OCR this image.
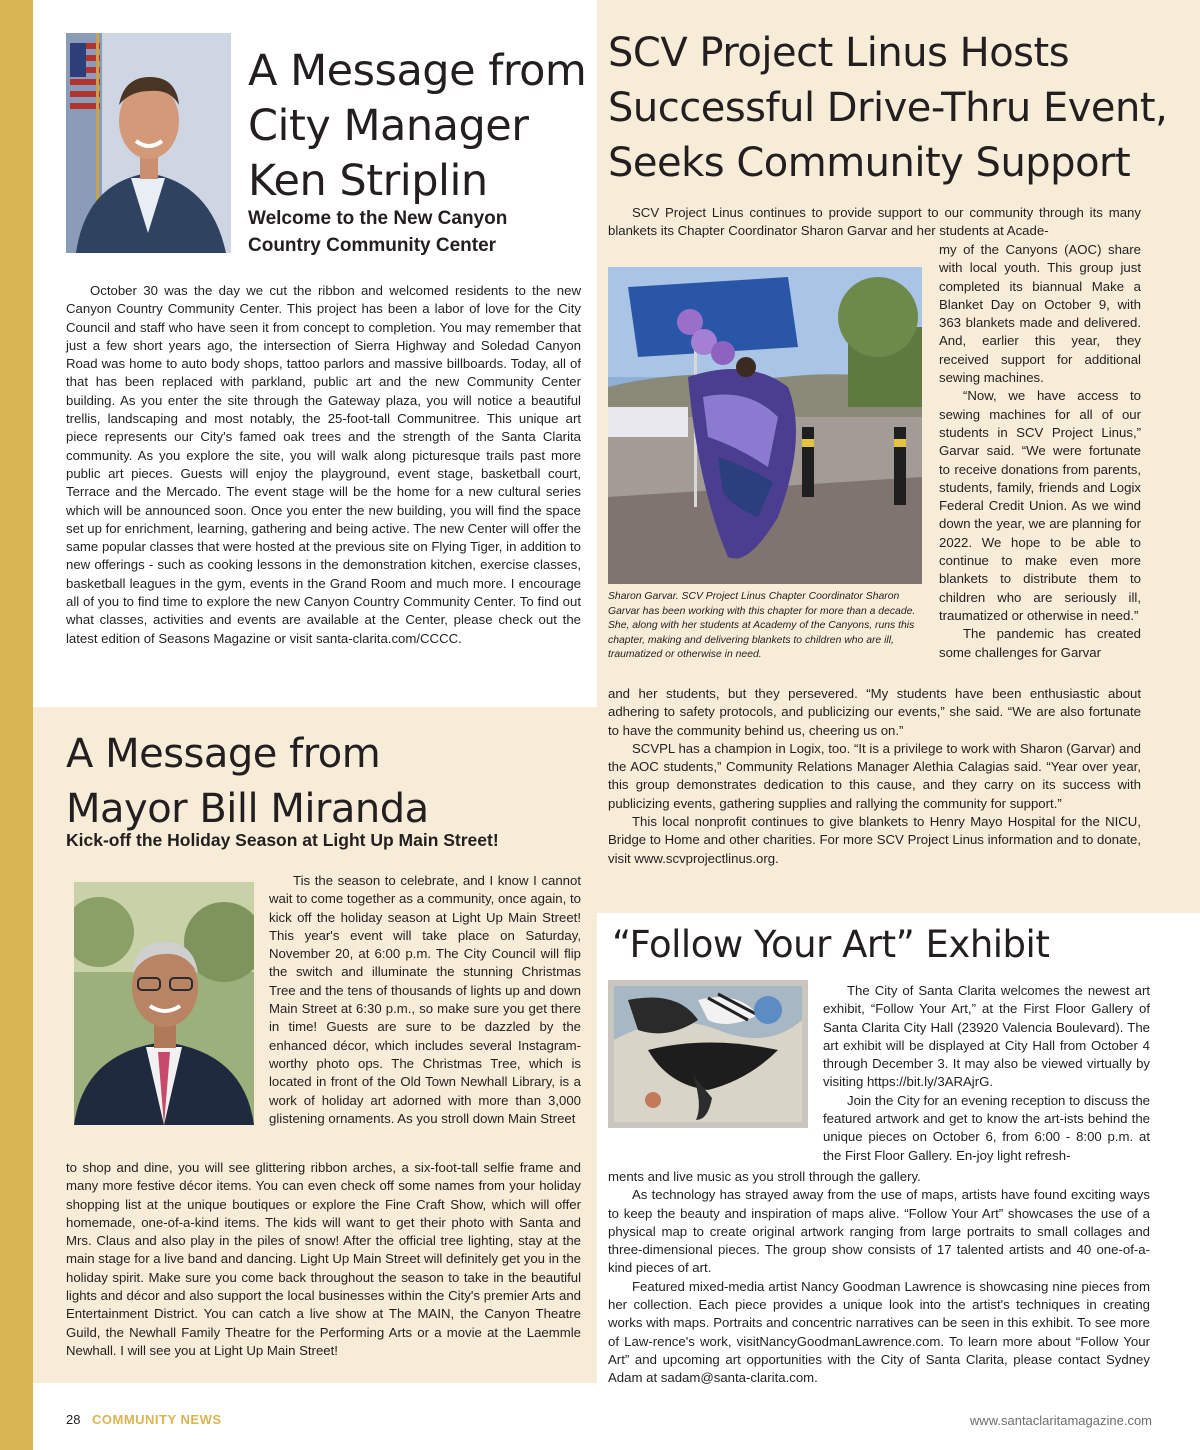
A Message from
City Manager
Ken Striplin
Welcome to the New Canyon
Country Community Center

October 30 was the day we cut the ribbon and welcomed residents to the new Canyon Country Community Center. This project has been a labor of love for the City Council and staff who have seen it from concept to completion. You may remember that just a few short years ago, the intersection of Sierra Highway and Soledad Canyon Road was home to auto body shops, tattoo parlors and massive billboards. Today, all of that has been replaced with parkland, public art and the new Community Center building. As you enter the site through the Gateway plaza, you will notice a beautiful trellis, landscaping and most notably, the 25-foot-tall Communitree. This unique art piece represents our City's famed oak trees and the strength of the Santa Clarita community. As you explore the site, you will walk along picturesque trails past more public art pieces. Guests will enjoy the playground, event stage, basketball court, Terrace and the Mercado. The event stage will be the home for a new cultural series which will be announced soon. Once you enter the new building, you will find the space set up for enrichment, learning, gathering and being active. The new Center will offer the same popular classes that were hosted at the previous site on Flying Tiger, in addition to new offerings - such as cooking lessons in the demonstration kitchen, exercise classes, basketball leagues in the gym, events in the Grand Room and much more. I encourage all of you to find time to explore the new Canyon Country Community Center. To find out what classes, activities and events are available at the Center, please check out the latest edition of Seasons Magazine or visit santa-clarita.com/CCCC.

A Message from
Mayor Bill Miranda
Kick-off the Holiday Season at Light Up Main Street!

Tis the season to celebrate, and I know I cannot wait to come together as a community, once again, to kick off the holiday season at Light Up Main Street! This year's event will take place on Saturday, November 20, at 6:00 p.m. The City Council will flip the switch and illuminate the stunning Christmas Tree and the tens of thousands of lights up and down Main Street at 6:30 p.m., so make sure you get there in time! Guests are sure to be dazzled by the enhanced décor, which includes several Instagram-worthy photo ops. The Christmas Tree, which is located in front of the Old Town Newhall Library, is a work of holiday art adorned with more than 3,000 glistening ornaments. As you stroll down Main Street

to shop and dine, you will see glittering ribbon arches, a six-foot-tall selfie frame and many more festive décor items. You can even check off some names from your holiday shopping list at the unique boutiques or explore the Fine Craft Show, which will offer homemade, one-of-a-kind items. The kids will want to get their photo with Santa and Mrs. Claus and also play in the piles of snow! After the official tree lighting, stay at the main stage for a live band and dancing. Light Up Main Street will definitely get you in the holiday spirit. Make sure you come back throughout the season to take in the beautiful lights and décor and also support the local businesses within the City's premier Arts and Entertainment District. You can catch a live show at The MAIN, the Canyon Theatre Guild, the Newhall Family Theatre for the Performing Arts or a movie at the Laemmle Newhall. I will see you at Light Up Main Street!

SCV Project Linus Hosts
Successful Drive-Thru Event,
Seeks Community Support
Sharon Garvar. SCV Project Linus Chapter Coordinator Sharon Garvar has been working with this chapter for more than a decade. She, along with her students at Academy of the Canyons, runs this chapter, making and delivering blankets to children who are ill, traumatized or otherwise in need.

SCV Project Linus continues to provide support to our community through its many blankets its Chapter Coordinator Sharon Garvar and her students at Acade-

my of the Canyons (AOC) share with local youth. This group just completed its biannual Make a Blanket Day on October 9, with 363 blankets made and delivered. And, earlier this year, they received support for additional sewing machines.

“Now, we have access to sewing machines for all of our students in SCV Project Linus,” Garvar said. “We were fortunate to receive donations from parents, students, family, friends and Logix Federal Credit Union. As we wind down the year, we are planning for 2022. We hope to be able to continue to make even more blankets to distribute them to children who are seriously ill, traumatized or otherwise in need.”

The pandemic has created some challenges for Garvar

and her students, but they persevered. “My students have been enthusiastic about adhering to safety protocols, and publicizing our events,” she said. “We are also fortunate to have the community behind us, cheering us on.”

SCVPL has a champion in Logix, too. “It is a privilege to work with Sharon (Garvar) and the AOC students,” Community Relations Manager Alethia Calagias said. “Year over year, this group demonstrates dedication to this cause, and they carry on its success with publicizing events, gathering supplies and rallying the community for support.”

This local nonprofit continues to give blankets to Henry Mayo Hospital for the NICU, Bridge to Home and other charities. For more SCV Project Linus information and to donate, visit www.scvprojectlinus.org.

“Follow Your Art” Exhibit

The City of Santa Clarita welcomes the newest art exhibit, “Follow Your Art,” at the First Floor Gallery of Santa Clarita City Hall (23920 Valencia Boulevard). The art exhibit will be displayed at City Hall from October 4 through December 3. It may also be viewed virtually by visiting https://bit.ly/3ARAjrG.

Join the City for an evening reception to discuss the featured artwork and get to know the art-ists behind the unique pieces on October 6, from 6:00 - 8:00 p.m. at the First Floor Gallery. En-joy light refresh-

ments and live music as you stroll through the gallery.

As technology has strayed away from the use of maps, artists have found exciting ways to keep the beauty and inspiration of maps alive. “Follow Your Art” showcases the use of a physical map to create original artwork ranging from large portraits to small collages and three-dimensional pieces. The group show consists of 17 talented artists and 40 one-of-a-kind pieces of art.

Featured mixed-media artist Nancy Goodman Lawrence is showcasing nine pieces from her collection. Each piece provides a unique look into the artist's techniques in creating works with maps. Portraits and concentric narratives can be seen in this exhibit. To see more of Law-rence's work, visitNancyGoodmanLawrence.com. To learn more about “Follow Your Art” and upcoming art opportunities with the City of Santa Clarita, please contact Sydney Adam at sadam@santa-clarita.com.

28 COMMUNITY NEWS	www.santaclaritamagazine.com
